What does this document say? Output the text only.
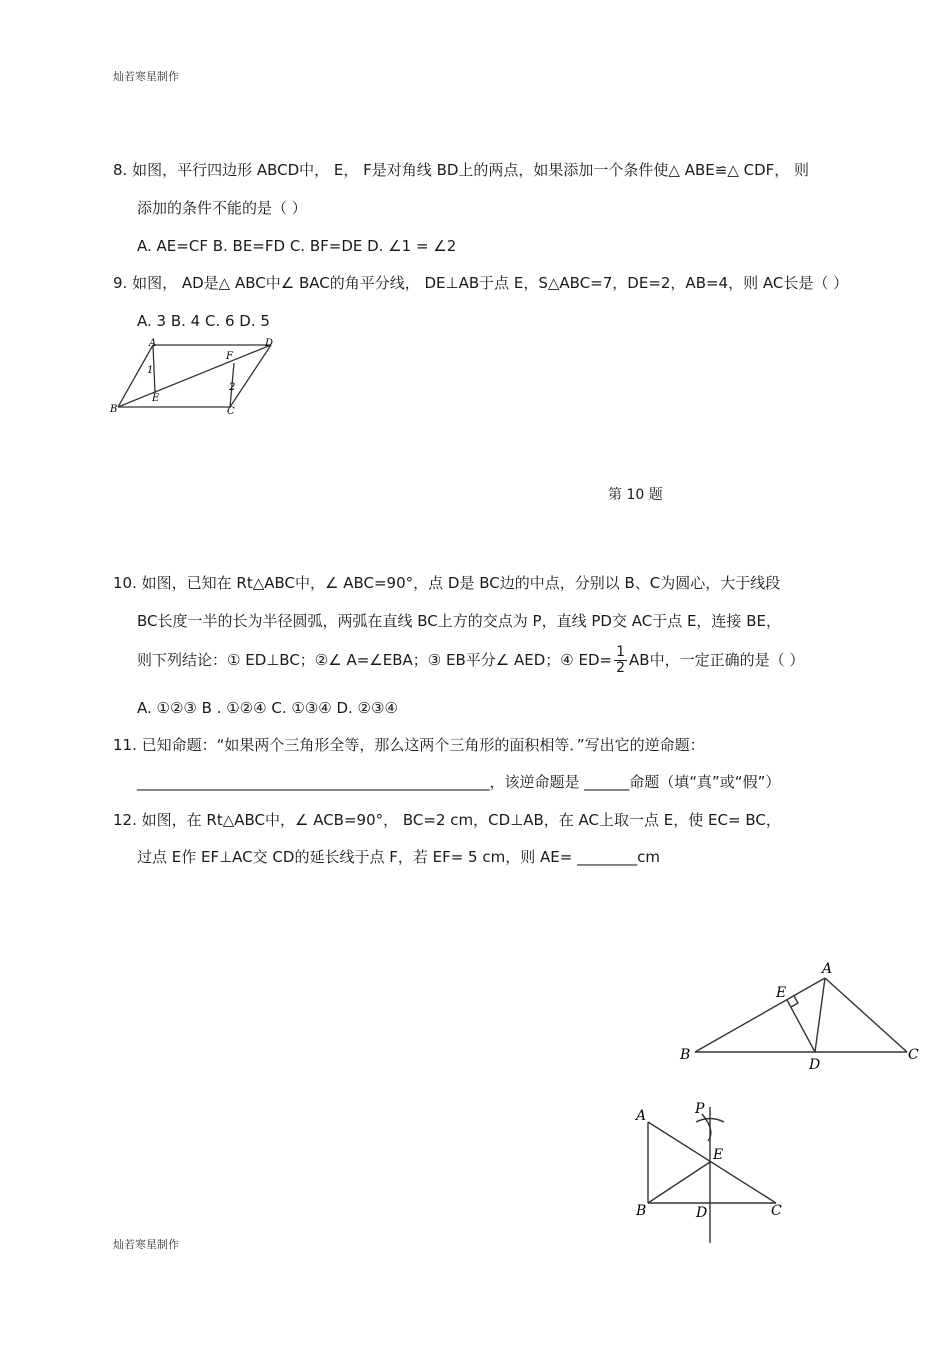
灿若寒星制作
灿若寒星制作
8. 如图，平行四边形 ABCD中， E， F是对角线 BD上的两点，如果添加一个条件使△ ABE≌△ CDF， 则
添加的条件不能的是（ ）
A. AE=CF B. BE=FD C. BF=DE D. ∠1 = ∠2
9. 如图， AD是△ ABC中∠ BAC的角平分线， DE⊥AB于点 E，S△ABC=7，DE=2，AB=4，则 AC长是（ ）
A. 3 B. 4 C. 6 D. 5
A	D
B	C
E
F
1
2
第 10 题
10. 如图，已知在 Rt△ABC中，∠ ABC=90°，点 D是 BC边的中点，分别以 B、C为圆心，大于线段
BC长度一半的长为半径圆弧，两弧在直线 BC上方的交点为 P，直线 PD交 AC于点 E，连接 BE，
则下列结论：① ED⊥BC；②∠ A=∠EBA；③ EB平分∠ AED；④ $ED= \frac{1}{2}$ AB中，一定正确的是（ ）
A. ①②③ B . ①②④ C. ①③④ D. ②③④
11. 已知命题：“如果两个三角形全等，那么这两个三角形的面积相等．”写出它的逆命题：
_______________________________________________，该逆命题是 ______命题（填“真”或“假”）
12. 如图，在 Rt△ABC中，∠ ACB=90°， BC=2 cm，CD⊥AB，在 AC上取一点 E，使 EC= BC，
过点 E作 EF⊥AC交 CD的延长线于点 F，若 EF= 5 cm，则 AE= ________cm
A
E
B
D
C
A	P
E
B	D	C
